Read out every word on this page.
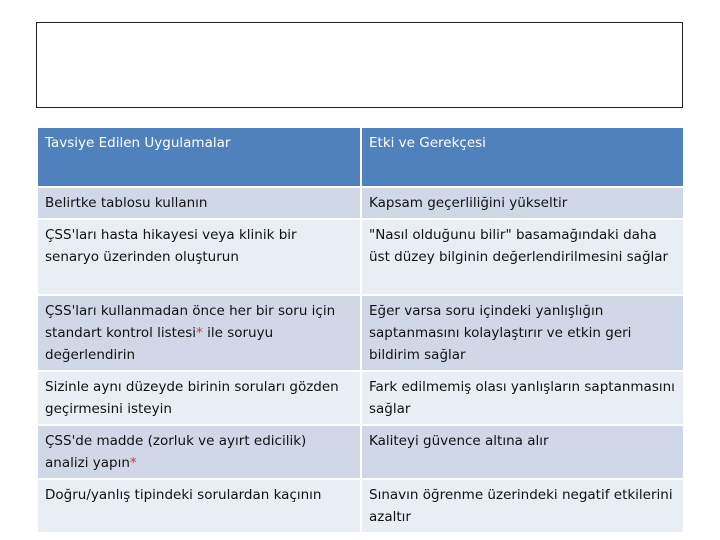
Tavsiye Edilen Uygulamalar	Etki ve Gerekçesi
Belirtke tablosu kullanın	Kapsam geçerliliğini yükseltir
ÇSS'ları hasta hikayesi veya klinik bir senaryo üzerinden oluşturun	"Nasıl olduğunu bilir" basamağındaki daha üst düzey bilginin değerlendirilmesini sağlar
ÇSS'ları kullanmadan önce her bir soru için standart kontrol listesi* ile soruyu değerlendirin	Eğer varsa soru içindeki yanlışlığın saptanmasını kolaylaştırır ve etkin geri bildirim sağlar
Sizinle aynı düzeyde birinin soruları gözden geçirmesini isteyin	Fark edilmemiş olası yanlışların saptanmasını sağlar
ÇSS'de madde (zorluk ve ayırt edicilik) analizi yapın*	Kaliteyi güvence altına alır
Doğru/yanlış tipindeki sorulardan kaçının	Sınavın öğrenme üzerindeki negatif etkilerini azaltır
